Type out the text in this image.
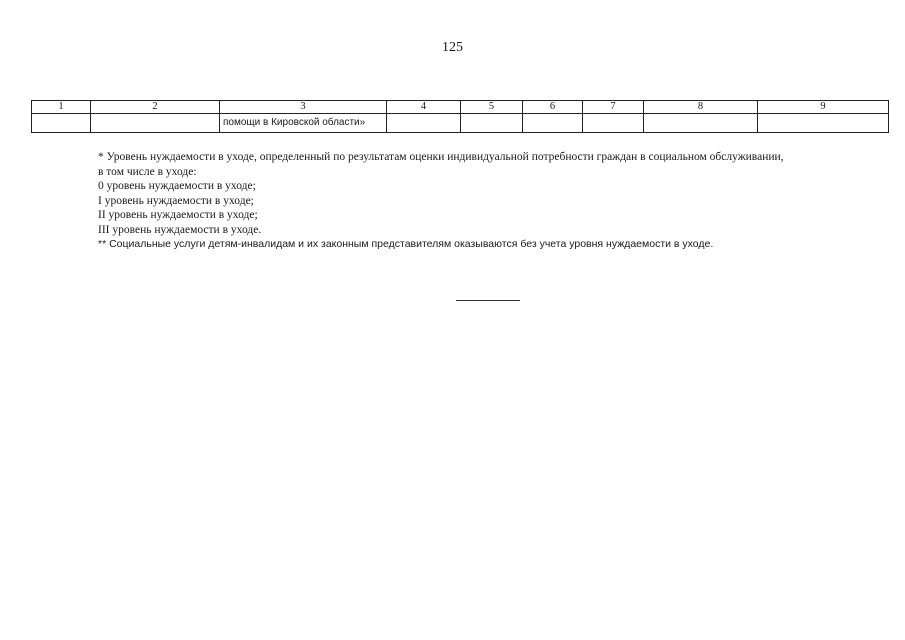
125
1	2	3	4	5	6	7	8	9
		помощи в Кировской области»						
* Уровень нуждаемости в уходе, определенный по результатам оценки индивидуальной потребности граждан в социальном обслуживании,
в том числе в уходе:
0 уровень нуждаемости в уходе;
I уровень нуждаемости в уходе;
II уровень нуждаемости в уходе;
III уровень нуждаемости в уходе.
** Социальные услуги детям-инвалидам и их законным представителям оказываются без учета уровня нуждаемости в уходе.
